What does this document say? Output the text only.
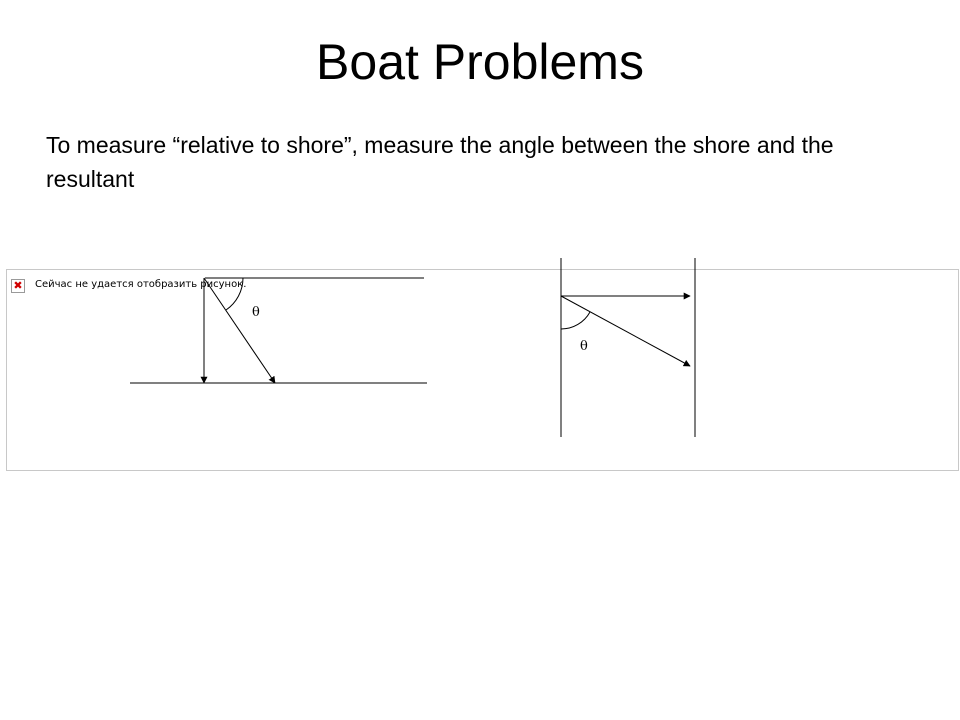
Boat Problems

To measure “relative to shore”, measure the angle between the shore and the resultant

✖ Сейчас не удается отобразить рисунок.
θ
θ
